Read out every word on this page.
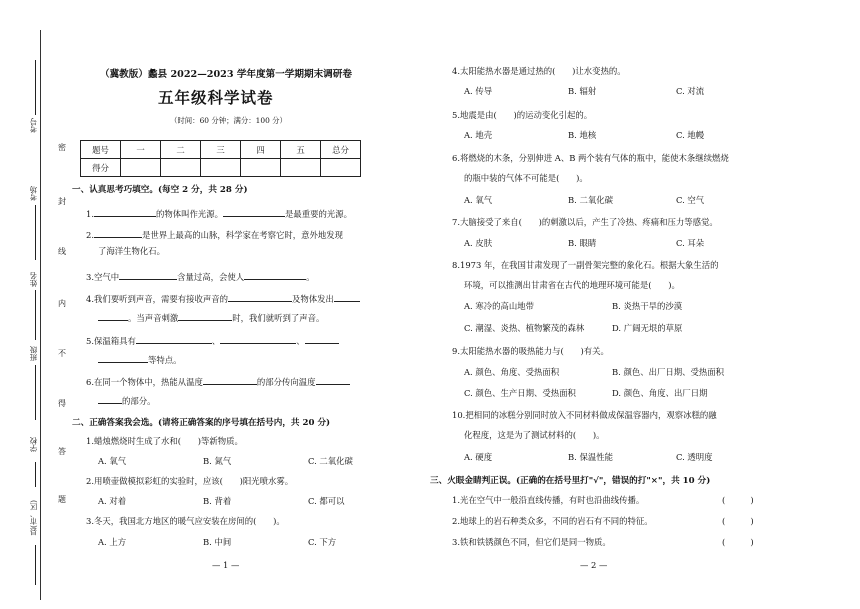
考号
考场
姓名
班级
学校
县(市、区)
密
封
线
内
不
得
答
题
（冀教版）蠡县 2022—2023 学年度第一学期期末调研卷
五年级科学试卷
（时间：60 分钟；满分：100 分）
题号	一	二	三	四	五	总分
得分						
一、认真思考巧填空。(每空 2 分，共 28 分)
1.	的物体叫作光源。	是最重要的光源。
2.	是世界上最高的山脉，科学家在考察它时，意外地发现
了海洋生物化石。
3.空气中	含量过高，会使人	。
4.我们要听到声音，需要有接收声音的	及物体发出
。当声音刺激	时，我们就听到了声音。
5.保温箱具有	、	、
等特点。
6.在同一个物体中，热能从温度	的部分传向温度
的部分。
二、正确答案我会选。(请将正确答案的序号填在括号内，共 20 分)
1.蜡烛燃烧时生成了水和(　　)等新物质。
A. 氧气	B. 氮气	C. 二氧化碳
2.用喷壶做模拟彩虹的实验时，应该(　　)阳光喷水雾。
A. 对着	B. 背着	C. 都可以
3.冬天，我国北方地区的暖气应安装在房间的(　　)。
A. 上方	B. 中间	C. 下方
— 1 —
4.太阳能热水器是通过热的(　　)让水变热的。
A. 传导	B. 辐射	C. 对流
5.地震是由(　　)的运动变化引起的。
A. 地壳	B. 地核	C. 地幔
6.将燃烧的木条，分别伸进 A、B 两个装有气体的瓶中，能使木条继续燃烧
的瓶中装的气体不可能是(　　)。
A. 氧气	B. 二氧化碳	C. 空气
7.大脑接受了来自(　　)的刺激以后，产生了冷热、疼痛和压力等感觉。
A. 皮肤	B. 眼睛	C. 耳朵
8.1973 年，在我国甘肃发现了一副骨架完整的象化石。根据大象生活的
环境，可以推测出甘肃省在古代的地理环境可能是(　　)。
A. 寒冷的高山地带	B. 炎热干旱的沙漠
C. 潮湿、炎热、植物繁茂的森林	D. 广阔无垠的草原
9.太阳能热水器的吸热能力与(　　)有关。
A. 颜色、角度、受热面积	B. 颜色、出厂日期、受热面积
C. 颜色、生产日期、受热面积	D. 颜色、角度、出厂日期
10.把相同的冰糕分别同时放入不同材料做成保温容器内，观察冰糕的融
化程度，这是为了测试材料的(　　)。
A. 硬度	B. 保温性能	C. 透明度
三、火眼金睛判正误。(正确的在括号里打"√"，错误的打"×"，共 10 分)
1.光在空气中一般沿直线传播，有时也沿曲线传播。	(　　　)
2.地球上的岩石种类众多，不同的岩石有不同的特征。	(　　　)
3.铁和铁锈颜色不同，但它们是同一物质。	(　　　)
— 2 —
